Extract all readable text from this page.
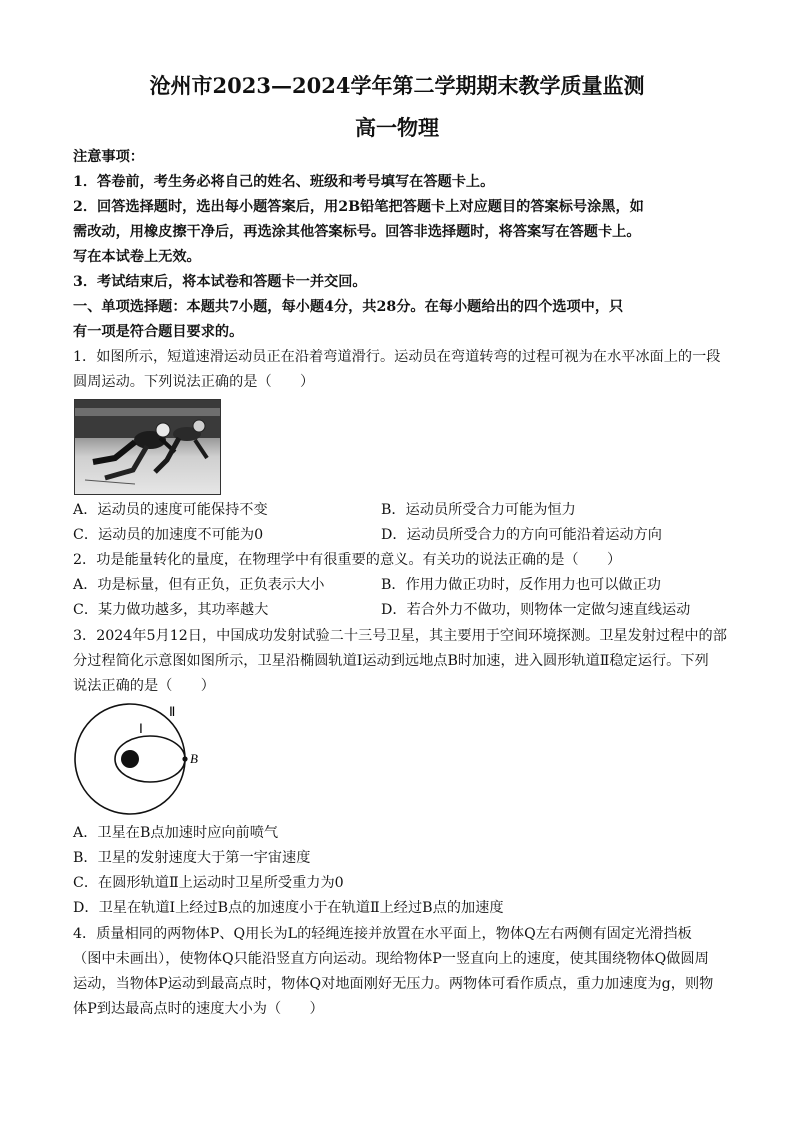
沧州市2023—2024学年第二学期期末教学质量监测
高一物理
注意事项：
1．答卷前，考生务必将自己的姓名、班级和考号填写在答题卡上。
2．回答选择题时，选出每小题答案后，用2B铅笔把答题卡上对应题目的答案标号涂黑，如
需改动，用橡皮擦干净后，再选涂其他答案标号。回答非选择题时，将答案写在答题卡上。
写在本试卷上无效。
3．考试结束后，将本试卷和答题卡一并交回。
一、单项选择题：本题共7小题，每小题4分，共28分。在每小题给出的四个选项中，只
有一项是符合题目要求的。
1．如图所示，短道速滑运动员正在沿着弯道滑行。运动员在弯道转弯的过程可视为在水平冰面上的一段
圆周运动。下列说法正确的是（　　）
A．运动员的速度可能保持不变	B．运动员所受合力可能为恒力
C．运动员的加速度不可能为0	D．运动员所受合力的方向可能沿着运动方向
2．功是能量转化的量度，在物理学中有很重要的意义。有关功的说法正确的是（　　）
A．功是标量，但有正负，正负表示大小	B．作用力做正功时，反作用力也可以做正功
C．某力做功越多，其功率越大	D．若合外力不做功，则物体一定做匀速直线运动
3．2024年5月12日，中国成功发射试验二十三号卫星，其主要用于空间环境探测。卫星发射过程中的部
分过程简化示意图如图所示，卫星沿椭圆轨道Ⅰ运动到远地点B时加速，进入圆形轨道Ⅱ稳定运行。下列
说法正确的是（　　）
Ⅰ
Ⅱ
B
A．卫星在B点加速时应向前喷气
B．卫星的发射速度大于第一宇宙速度
C．在圆形轨道Ⅱ上运动时卫星所受重力为0
D．卫星在轨道Ⅰ上经过B点的加速度小于在轨道Ⅱ上经过B点的加速度
4．质量相同的两物体P、Q用长为L的轻绳连接并放置在水平面上，物体Q左右两侧有固定光滑挡板
（图中未画出），使物体Q只能沿竖直方向运动。现给物体P一竖直向上的速度，使其围绕物体Q做圆周
运动，当物体P运动到最高点时，物体Q对地面刚好无压力。两物体可看作质点，重力加速度为g，则物
体P到达最高点时的速度大小为（　　）
